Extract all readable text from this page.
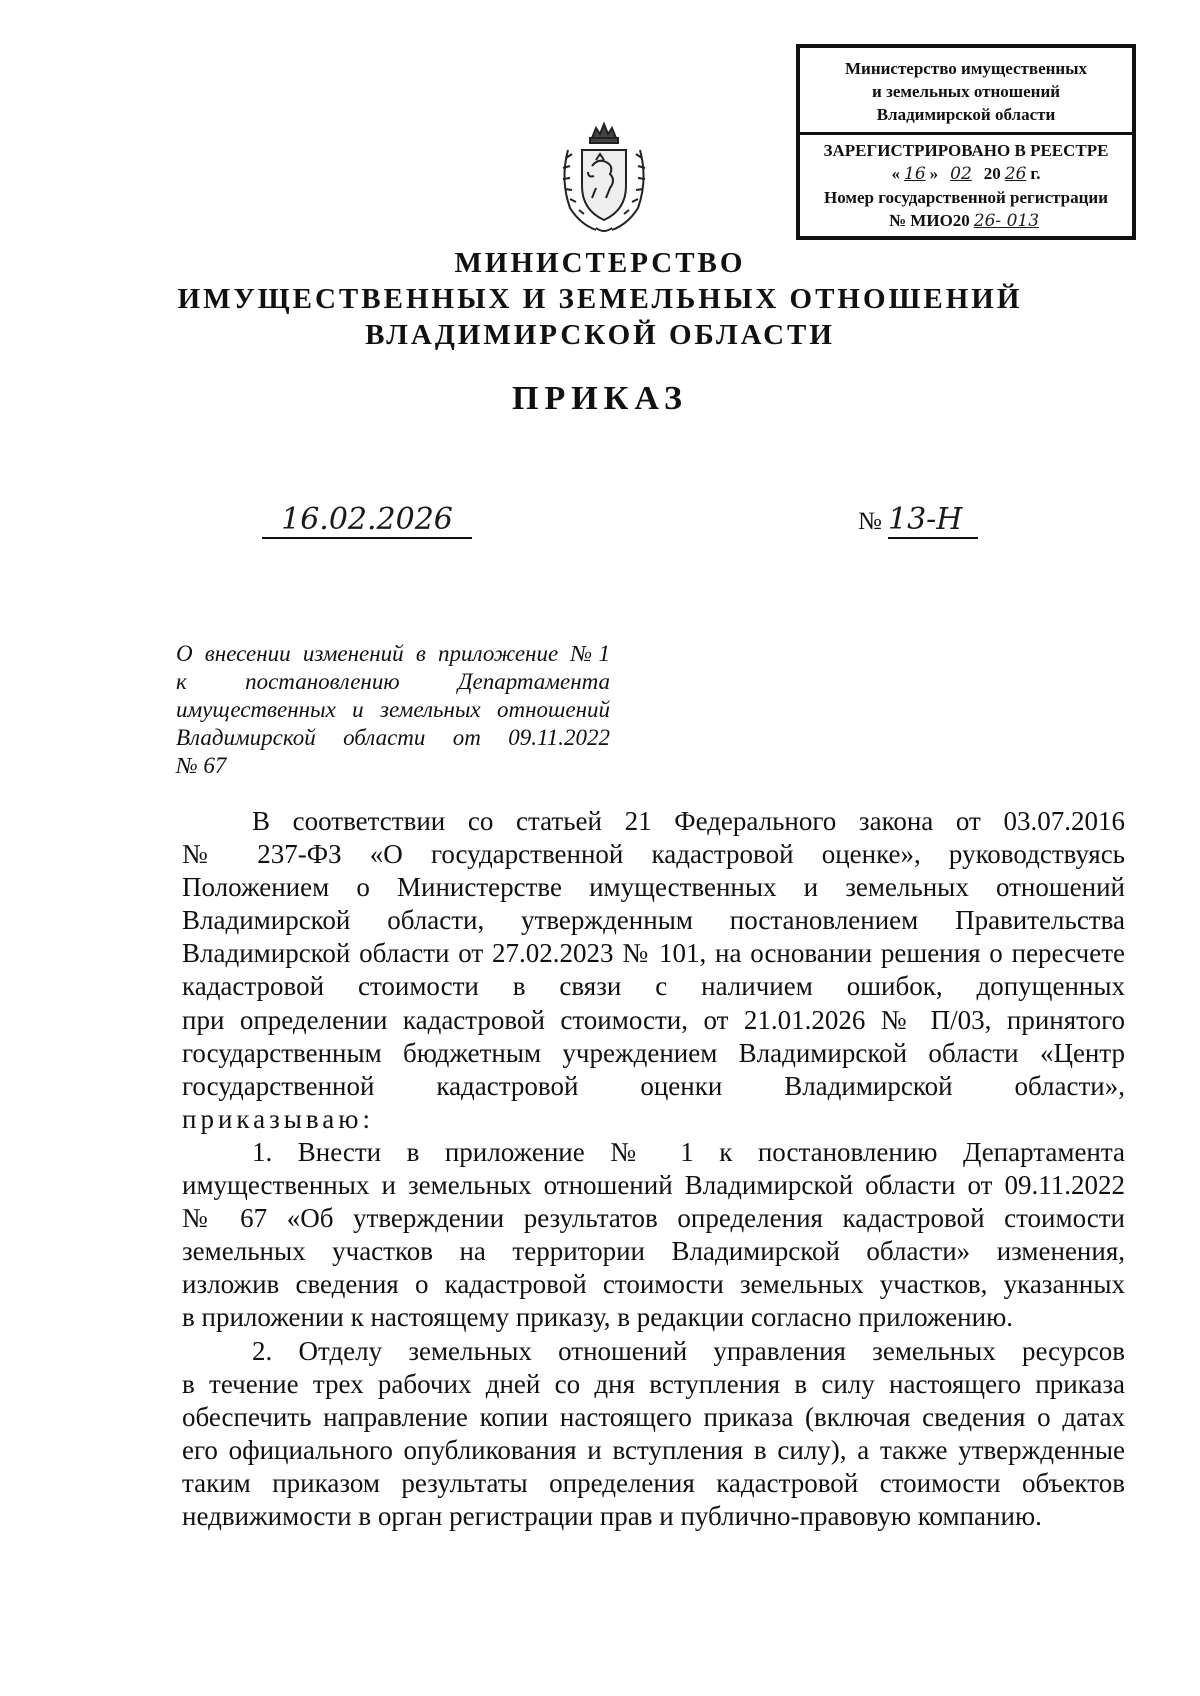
Министерство имущественных
и земельных отношений
Владимирской области
ЗАРЕГИСТРИРОВАНО В РЕЕСТРЕ
« 16 » 02 20 26 г.
Номер государственной регистрации
№ МИО20 26- 013
МИНИСТЕРСТВО
ИМУЩЕСТВЕННЫХ И ЗЕМЕЛЬНЫХ ОТНОШЕНИЙ
ВЛАДИМИРСКОЙ ОБЛАСТИ
ПРИКАЗ
16.02.2026	№ 13-Н
О внесении изменений в приложение №1
к постановлению Департамента
имущественных и земельных отношений
Владимирской области от 09.11.2022
№ 67
В соответствии со статьей 21 Федерального закона от 03.07.2016
№ 237-ФЗ «О государственной кадастровой оценке», руководствуясь
Положением о Министерстве имущественных и земельных отношений
Владимирской области, утвержденным постановлением Правительства
Владимирской области от 27.02.2023 № 101, на основании решения о пересчете
кадастровой стоимости в связи с наличием ошибок, допущенных
при определении кадастровой стоимости, от 21.01.2026 № П/03, принятого
государственным бюджетным учреждением Владимирской области «Центр
государственной кадастровой оценки Владимирской области»,
приказываю:
1. Внести в приложение № 1 к постановлению Департамента
имущественных и земельных отношений Владимирской области от 09.11.2022
№ 67 «Об утверждении результатов определения кадастровой стоимости
земельных участков на территории Владимирской области» изменения,
изложив сведения о кадастровой стоимости земельных участков, указанных
в приложении к настоящему приказу, в редакции согласно приложению.
2. Отделу земельных отношений управления земельных ресурсов
в течение трех рабочих дней со дня вступления в силу настоящего приказа
обеспечить направление копии настоящего приказа (включая сведения о датах
его официального опубликования и вступления в силу), а также утвержденные
таким приказом результаты определения кадастровой стоимости объектов
недвижимости в орган регистрации прав и публично-правовую компанию.
